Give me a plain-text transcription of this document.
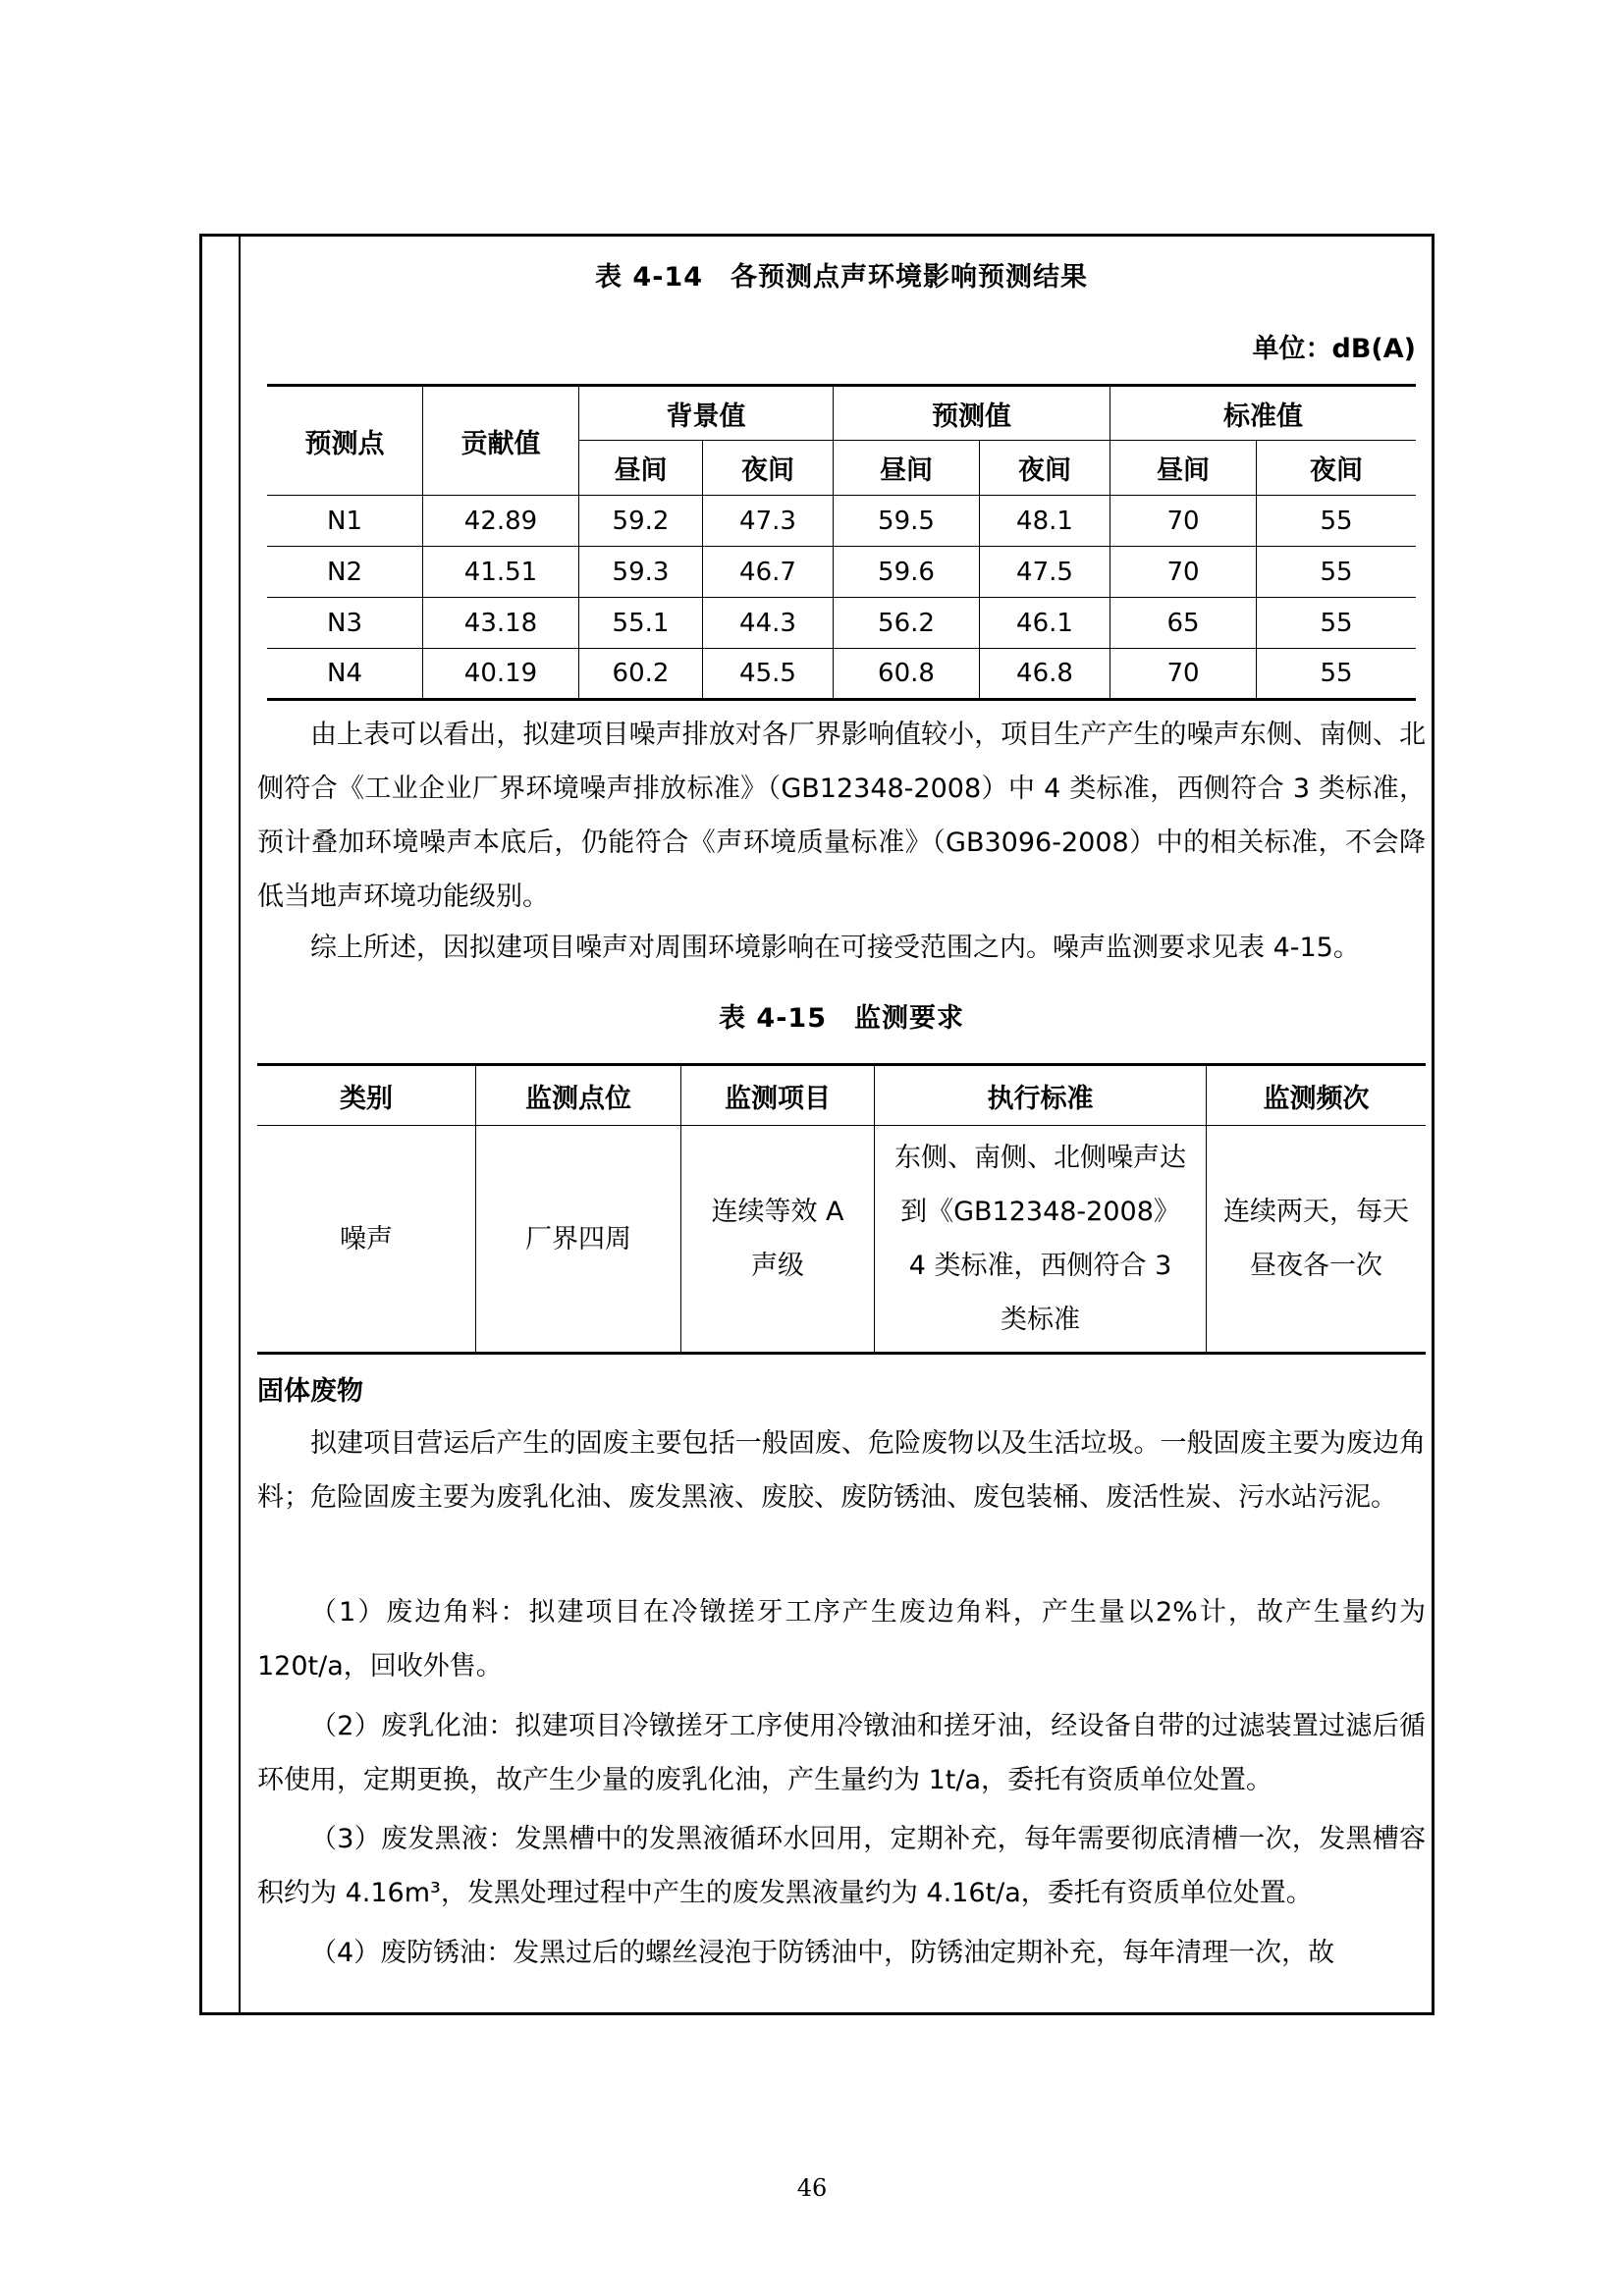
表 4-14　各预测点声环境影响预测结果
单位：dB(A)
预测点	贡献值	背景值		预测值		标准值	
		昼间	夜间	昼间	夜间	昼间	夜间
N1	42.89	59.2	47.3	59.5	48.1	70	55
N2	41.51	59.3	46.7	59.6	47.5	70	55
N3	43.18	55.1	44.3	56.2	46.1	65	55
N4	40.19	60.2	45.5	60.8	46.8	70	55
由上表可以看出，拟建项目噪声排放对各厂界影响值较小，项目生产产生的噪声东侧、南侧、北侧符合《工业企业厂界环境噪声排放标准》（GB12348-2008）中 4 类标准，西侧符合 3 类标准，预计叠加环境噪声本底后，仍能符合《声环境质量标准》（GB3096-2008）中的相关标准，不会降低当地声环境功能级别。
综上所述，因拟建项目噪声对周围环境影响在可接受范围之内。噪声监测要求见表 4-15。
表 4-15　监测要求
类别	监测点位	监测项目	执行标准	监测频次
噪声	厂界四周	连续等效 A 声级	东侧、南侧、北侧噪声达到《GB12348-2008》4 类标准，西侧符合 3 类标准	连续两天，每天昼夜各一次
固体废物
拟建项目营运后产生的固废主要包括一般固废、危险废物以及生活垃圾。一般固废主要为废边角料；危险固废主要为废乳化油、废发黑液、废胶、废防锈油、废包装桶、废活性炭、污水站污泥。
（1）废边角料：拟建项目在冷镦搓牙工序产生废边角料，产生量以2%计，故产生量约为120t/a，回收外售。
（2）废乳化油：拟建项目冷镦搓牙工序使用冷镦油和搓牙油，经设备自带的过滤装置过滤后循环使用，定期更换，故产生少量的废乳化油，产生量约为 1t/a，委托有资质单位处置。
（3）废发黑液：发黑槽中的发黑液循环水回用，定期补充，每年需要彻底清槽一次，发黑槽容积约为 4.16m³，发黑处理过程中产生的废发黑液量约为 4.16t/a，委托有资质单位处置。
（4）废防锈油：发黑过后的螺丝浸泡于防锈油中，防锈油定期补充，每年清理一次，故
46
